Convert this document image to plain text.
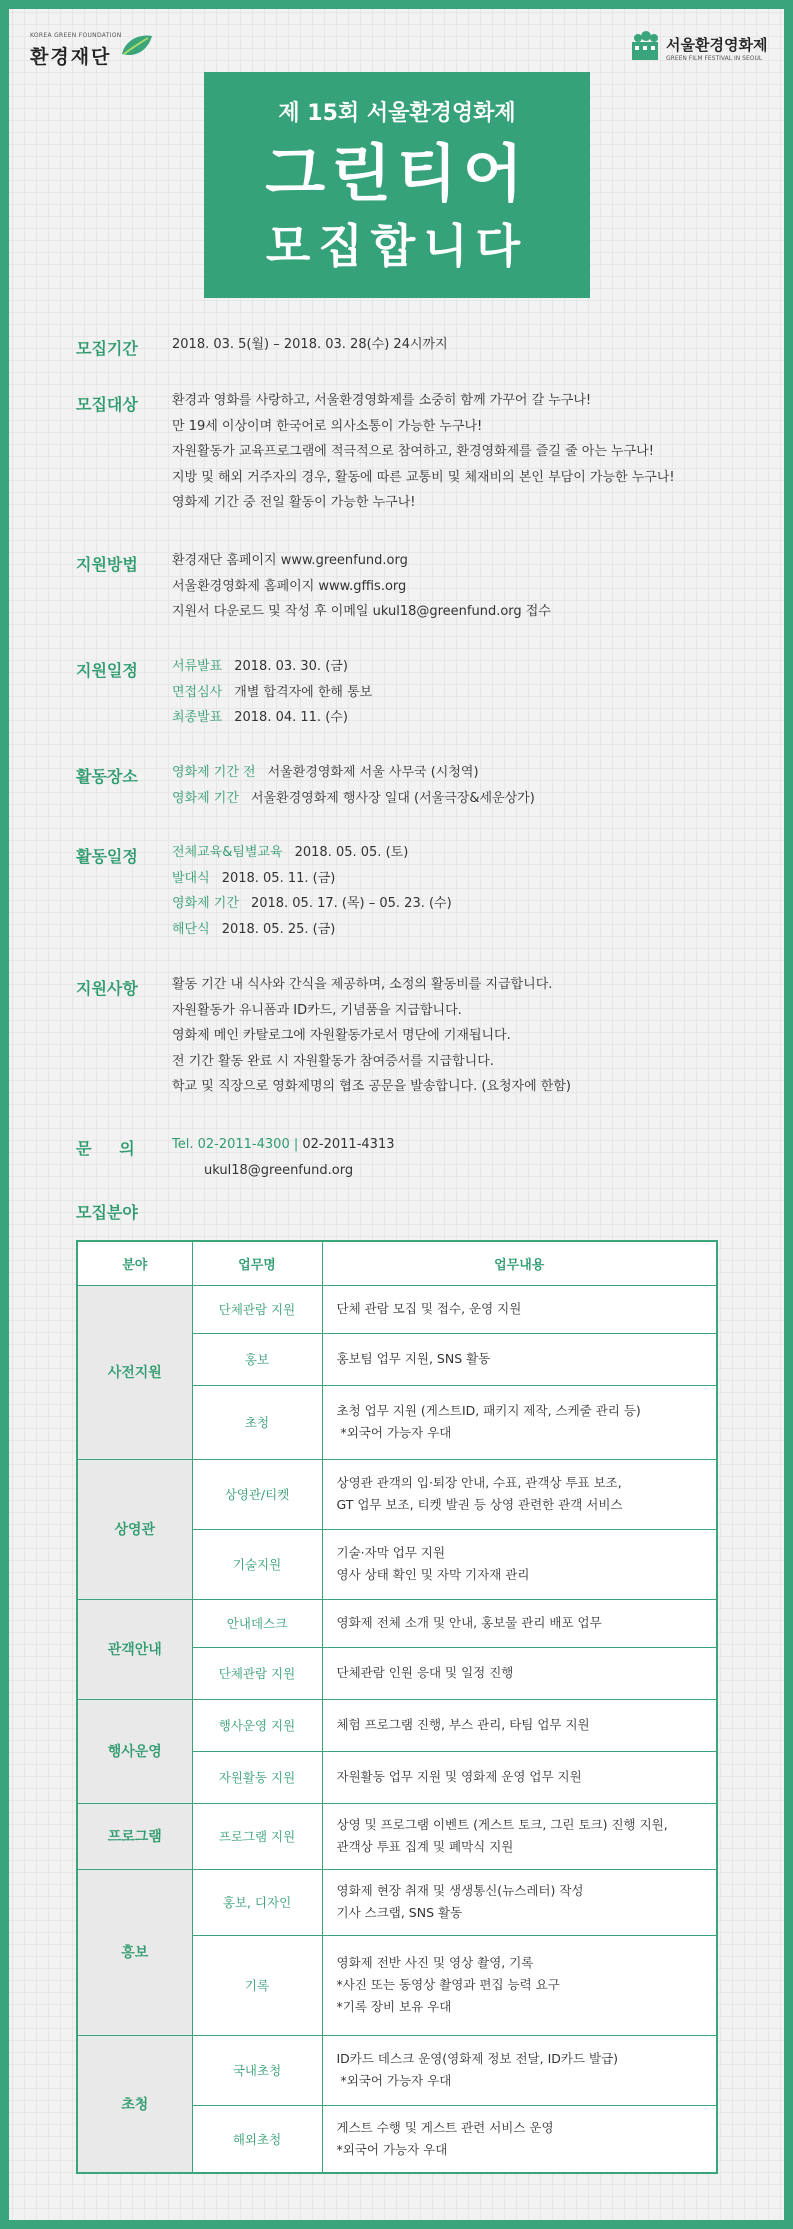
KOREA GREEN FOUNDATION
환경재단
서울환경영화제
GREEN FILM FESTIVAL IN SEOUL
제 15회 서울환경영화제
그린티어
모집합니다
모집기간	2018. 03. 5(월) – 2018. 03. 28(수) 24시까지
모집대상	환경과 영화를 사랑하고, 서울환경영화제를 소중히 함께 가꾸어 갈 누구나!
만 19세 이상이며 한국어로 의사소통이 가능한 누구나!
자원활동가 교육프로그램에 적극적으로 참여하고, 환경영화제를 즐길 줄 아는 누구나!
지방 및 해외 거주자의 경우, 활동에 따른 교통비 및 체재비의 본인 부담이 가능한 누구나!
영화제 기간 중 전일 활동이 가능한 누구나!
지원방법	환경재단 홈페이지 www.greenfund.org
서울환경영화제 홈페이지 www.gffis.org
지원서 다운로드 및 작성 후 이메일 ukul18@greenfund.org 접수
지원일정	서류발표 2018. 03. 30. (금)
면접심사 개별 합격자에 한해 통보
최종발표 2018. 04. 11. (수)
활동장소	영화제 기간 전 서울환경영화제 서울 사무국 (시청역)
영화제 기간 서울환경영화제 행사장 일대 (서울극장&세운상가)
활동일정	전체교육&팀별교육 2018. 05. 05. (토)
발대식 2018. 05. 11. (금)
영화제 기간 2018. 05. 17. (목) – 05. 23. (수)
해단식 2018. 05. 25. (금)
지원사항	활동 기간 내 식사와 간식을 제공하며, 소정의 활동비를 지급합니다.
자원활동가 유니폼과 ID카드, 기념품을 지급합니다.
영화제 메인 카탈로그에 자원활동가로서 명단에 기재됩니다.
전 기간 활동 완료 시 자원활동가 참여증서를 지급합니다.
학교 및 직장으로 영화제명의 협조 공문을 발송합니다. (요청자에 한함)
문     의	Tel. 02-2011-4300 | 02-2011-4313
ukul18@greenfund.org
모집분야
분야	업무명	업무내용
사전지원	단체관람 지원	단체 관람 모집 및 접수, 운영 지원

	홍보	홍보팀 업무 지원, SNS 활동

	초청	초청 업무 지원 (게스트ID, 패키지 제작, 스케줄 관리 등)
*외국어 가능자 우대

상영관	상영관/티켓	상영관 관객의 입·퇴장 안내, 수표, 관객상 투표 보조,
GT 업무 보조, 티켓 발권 등 상영 관련한 관객 서비스

	기술지원	기술·자막 업무 지원
영사 상태 확인 및 자막 기자재 관리

관객안내	안내데스크	영화제 전체 소개 및 안내, 홍보물 관리 배포 업무

	단체관람 지원	단체관람 인원 응대 및 일정 진행

행사운영	행사운영 지원	체험 프로그램 진행, 부스 관리, 타팀 업무 지원

	자원활동 지원	자원활동 업무 지원 및 영화제 운영 업무 지원

프로그램	프로그램 지원	상영 및 프로그램 이벤트 (게스트 토크, 그린 토크) 진행 지원,
관객상 투표 집계 및 폐막식 지원

홍보	홍보, 디자인	영화제 현장 취재 및 생생통신(뉴스레터) 작성
기사 스크랩, SNS 활동

	기록	영화제 전반 사진 및 영상 촬영, 기록
*사진 또는 동영상 촬영과 편집 능력 요구
*기록 장비 보유 우대

초청	국내초청	ID카드 데스크 운영(영화제 정보 전달, ID카드 발급)
*외국어 가능자 우대

	해외초청	게스트 수행 및 게스트 관련 서비스 운영
*외국어 가능자 우대
